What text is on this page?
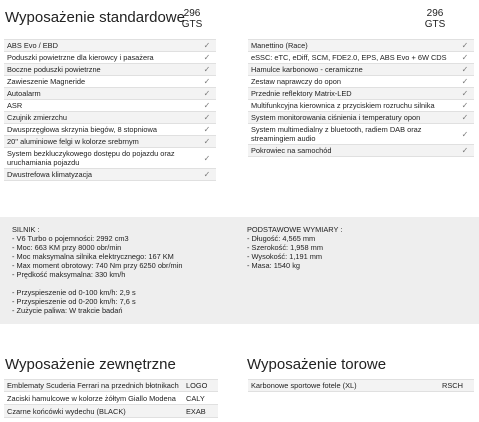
Wyposażenie standardowe
296
GTS
296
GTS
ABS Evo / EBD	✓
Poduszki powietrzne dla kierowcy i pasażera	✓
Boczne poduszki powietrzne	✓
Zawieszenie Magneride	✓
Autoalarm	✓
ASR	✓
Czujnik zmierzchu	✓
Dwusprzęgłowa skrzynia biegów, 8 stopniowa	✓
20'' aluminiowe felgi w kolorze srebrnym	✓
System bezkluczykowego dostępu do pojazdu oraz uruchamiania pojazdu	✓
Dwustrefowa klimatyzacja	✓
Manettino (Race)	✓
eSSC: eTC, eDiff, SCM, FDE2.0, EPS, ABS Evo + 6W CDS	✓
Hamulce karbonowo - ceramiczne	✓
Zestaw naprawczy do opon	✓
Przednie reflektory Matrix-LED	✓
Multifunkcyjna kierownica z przyciskiem rozruchu silnika	✓
System monitorowania ciśnienia i temperatury opon	✓
System multimedialny z bluetooth, radiem DAB oraz streamingiem audio	✓
Pokrowiec na samochód	✓
SILNIK :
- V6 Turbo o pojemności: 2992 cm3
- Moc: 663 KM przy 8000 obr/min
- Moc maksymalna silnika elektrycznego: 167 KM
- Max moment obrotowy: 740 Nm przy 6250 obr/min
- Prędkość maksymalna: 330 km/h
- Przyspieszenie od 0-100 km/h: 2,9 s
- Przyspieszenie od 0-200 km/h: 7,6 s
- Zużycie paliwa: W trakcie badań
PODSTAWOWE WYMIARY :
- Długość: 4,565 mm
- Szerokość: 1,958 mm
- Wysokość: 1,191 mm
- Masa: 1540 kg
Wyposażenie zewnętrzne
Emblematy Scuderia Ferrari na przednich błotnikach LOGO
Zaciski hamulcowe w kolorze żółtym Giallo Modena	CALY
Czarne końcówki wydechu (BLACK)	EXAB
Wyposażenie torowe
Karbonowe sportowe fotele (XL)	RSCH
